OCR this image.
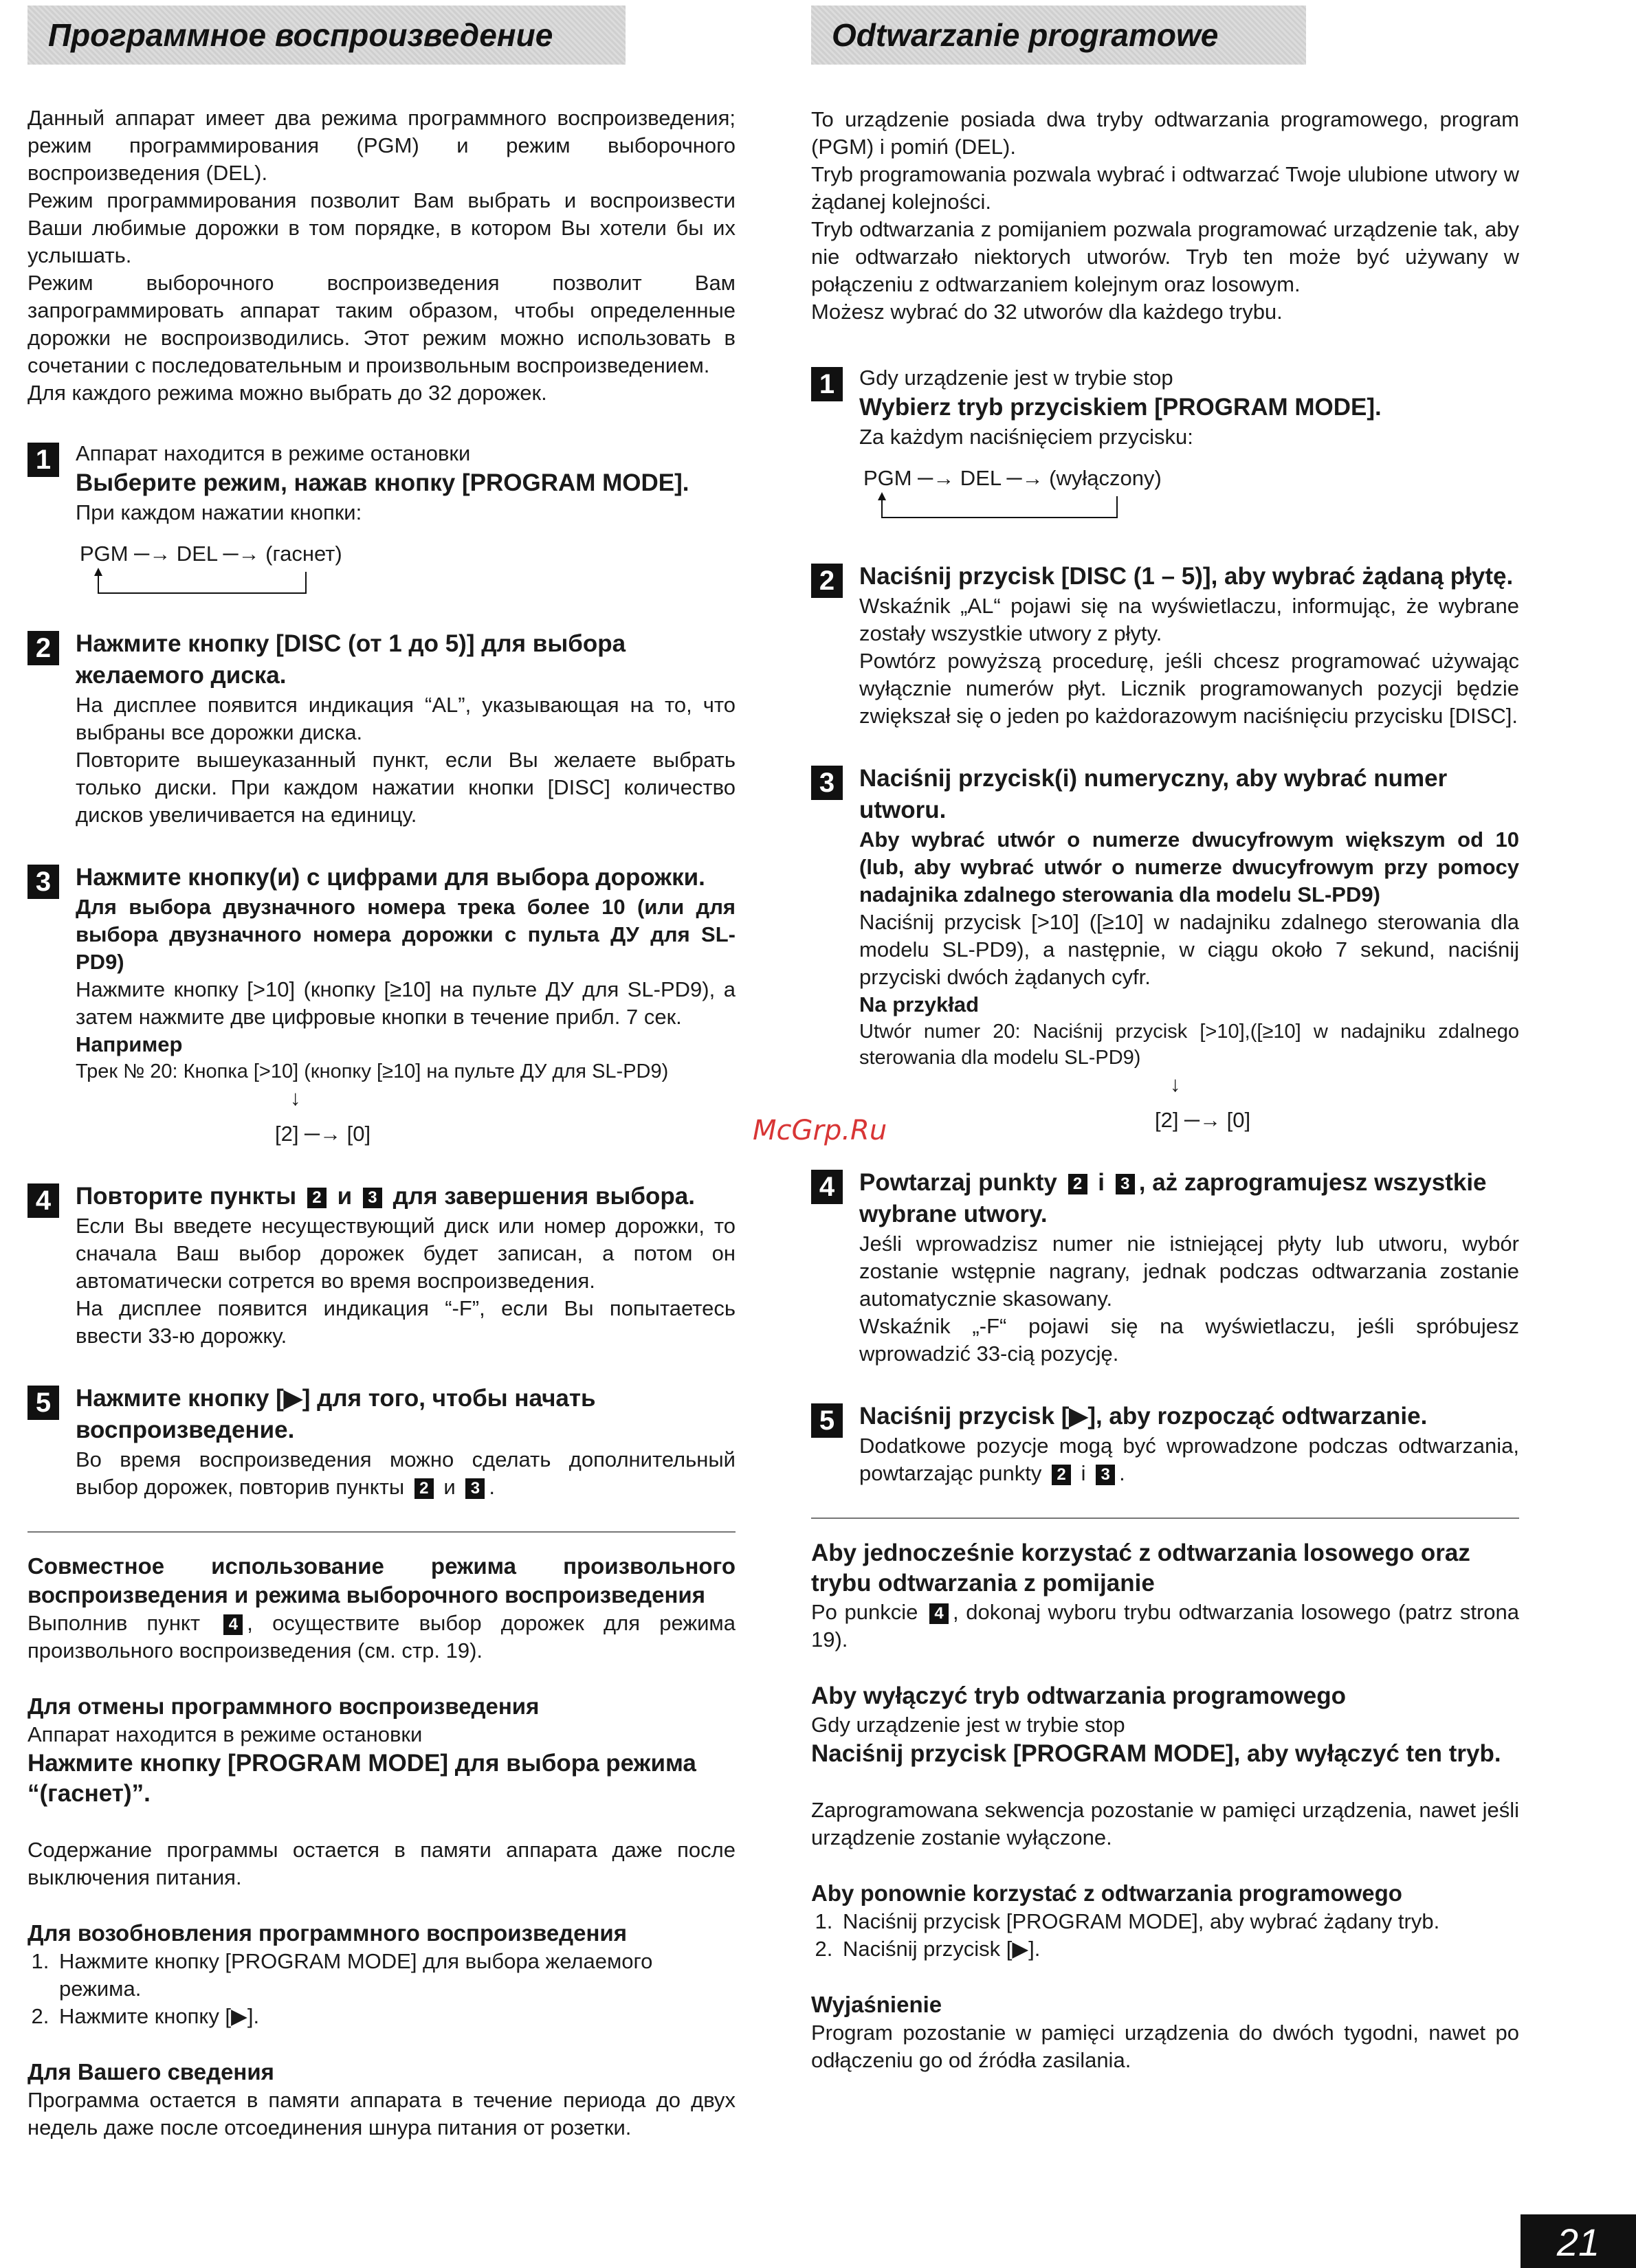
Программное воспроизведение

Данный аппарат имеет два режима программного воспроизведения; режим программирования (PGM) и режим выборочного воспроизведения (DEL).

Режим программирования позволит Вам выбрать и воспроизвести Ваши любимые дорожки в том порядке, в котором Вы хотели бы их услышать.

Режим выборочного воспроизведения позволит Вам запрограммировать аппарат таким образом, чтобы определенные дорожки не воспроизводились. Этот режим можно использовать в сочетании с последовательным и произвольным воспроизведением.

Для каждого режима можно выбрать до 32 дорожек.

1	Аппарат находится в режиме остановки

Выберите режим, нажав кнопку [PROGRAM MODE].

При каждом нажатии кнопки:

PGM ─→ DEL ─→ (гаснет)
2	Нажмите кнопку [DISC (от 1 до 5)] для выбора желаемого диска.

На дисплее появится индикация “AL”, указывающая на то, что выбраны все дорожки диска.

Повторите вышеуказанный пункт, если Вы желаете выбрать только диски. При каждом нажатии кнопки [DISC] количество дисков увеличивается на единицу.

3	Нажмите кнопку(и) с цифрами для выбора дорожки.

Для выбора двузначного номера трека более 10 (или для выбора двузначного номера дорожки с пульта ДУ для SL-PD9)

Нажмите кнопку [>10] (кнопку [≥10] на пульте ДУ для SL-PD9), а затем нажмите две цифровые кнопки в течение прибл. 7 сек.

Например

Трек № 20: Кнопка [>10] (кнопку [≥10] на пульте ДУ для SL-PD9)

↓
[2] ─→ [0]
4	Повторите пункты 2 и 3 для завершения выбора.

Если Вы введете несуществующий диск или номер дорожки, то сначала Ваш выбор дорожек будет записан, а потом он автоматически сотрется во время воспроизведения.

На дисплее появится индикация “-F”, если Вы попытаетесь ввести 33-ю дорожку.

5	Нажмите кнопку [▶] для того, чтобы начать воспроизведение.

Во время воспроизведения можно сделать дополнительный выбор дорожек, повторив пункты 2 и 3 .

Совместное использование режима произвольного воспроизведения и режима выборочного воспроизведения

Выполнив пункт 4 , осуществите выбор дорожек для режима произвольного воспроизведения (см. стр. 19).

Для отмены программного воспроизведения

Аппарат находится в режиме остановки

Нажмите кнопку [PROGRAM MODE] для выбора режима “(гаснет)”.

Содержание программы остается в памяти аппарата даже после выключения питания.

Для возобновления программного воспроизведения

1. Нажмите кнопку [PROGRAM MODE] для выбора желаемого режима.
2. Нажмите кнопку [▶].

Для Вашего сведения

Программа остается в памяти аппарата в течение периода до двух недель даже после отсоединения шнура питания от розетки.

Odtwarzanie programowe

To urządzenie posiada dwa tryby odtwarzania programowego, program (PGM) i pomiń (DEL).

Tryb programowania pozwala wybrać i odtwarzać Twoje ulubione utwory w żądanej kolejności.

Tryb odtwarzania z pomijaniem pozwala programować urządzenie tak, aby nie odtwarzało niektorych utworów. Tryb ten może być używany w połączeniu z odtwarzaniem kolejnym oraz losowym.

Możesz wybrać do 32 utworów dla każdego trybu.

1	Gdy urządzenie jest w trybie stop

Wybierz tryb przyciskiem [PROGRAM MODE].

Za każdym naciśnięciem przycisku:

PGM ─→ DEL ─→ (wyłączony)
2	Naciśnij przycisk [DISC (1 – 5)], aby wybrać żądaną płytę.

Wskaźnik „AL“ pojawi się na wyświetlaczu, informując, że wybrane zostały wszystkie utwory z płyty.

Powtórz powyższą procedurę, jeśli chcesz programować używając wyłącznie numerów płyt. Licznik programowanych pozycji będzie zwiększał się o jeden po każdorazowym naciśnięciu przycisku [DISC].

3	Naciśnij przycisk(i) numeryczny, aby wybrać numer utworu.

Aby wybrać utwór o numerze dwucyfrowym większym od 10 (lub, aby wybrać utwór o numerze dwucyfrowym przy pomocy nadajnika zdalnego sterowania dla modelu SL-PD9)

Naciśnij przycisk [>10] ([≥10] w nadajniku zdalnego sterowania dla modelu SL-PD9), a następnie, w ciągu około 7 sekund, naciśnij przyciski dwóch żądanych cyfr.

Na przykład

Utwór numer 20: Naciśnij przycisk [>10],([≥10] w nadajniku zdalnego sterowania dla modelu SL-PD9)

↓
[2] ─→ [0]
4	Powtarzaj punkty 2 i 3 , aż zaprogramujesz wszystkie wybrane utwory.

Jeśli wprowadzisz numer nie istniejącej płyty lub utworu, wybór zostanie wstępnie nagrany, jednak podczas odtwarzania zostanie automatycznie skasowany.

Wskaźnik „-F“ pojawi się na wyświetlaczu, jeśli spróbujesz wprowadzić 33-cią pozycję.

5	Naciśnij przycisk [▶], aby rozpocząć odtwarzanie.

Dodatkowe pozycje mogą być wprowadzone podczas odtwarzania, powtarzając punkty 2 i 3 .

Aby jednocześnie korzystać z odtwarzania losowego oraz trybu odtwarzania z pomijanie

Po punkcie 4 , dokonaj wyboru trybu odtwarzania losowego (patrz strona 19).

Aby wyłączyć tryb odtwarzania programowego

Gdy urządzenie jest w trybie stop

Naciśnij przycisk [PROGRAM MODE], aby wyłączyć ten tryb.

Zaprogramowana sekwencja pozostanie w pamięci urządzenia, nawet jeśli urządzenie zostanie wyłączone.

Aby ponownie korzystać z odtwarzania programowego

1. Naciśnij przycisk [PROGRAM MODE], aby wybrać żądany tryb.
2. Naciśnij przycisk [▶].

Wyjaśnienie

Program pozostanie w pamięci urządzenia do dwóch tygodni, nawet po odłączeniu go od źródła zasilania.

McGrp.Ru
21
